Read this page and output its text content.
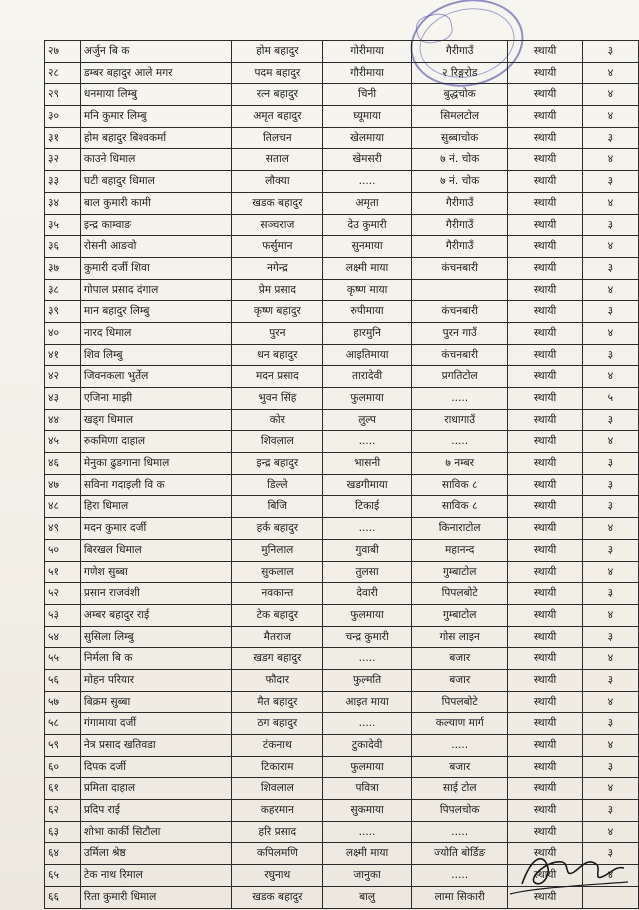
२७	अर्जुन बि क	होम बहादुर	गोरीमाया	गैरीगाउँ	स्थायी	३
२८	डम्बर बहादुर आले मगर	पदम बहादुर	गौरीमाया	२ रिङ्गरोड	स्थायी	४
२९	धनमाया लिम्बु	रत्न बहादुर	चिनी	बुद्धचोक	स्थायी	४
३०	मनि कुमार लिम्बु	अमृत बहादुर	घ्यूमाया	सिमलटोल	स्थायी	४
३१	होम बहादुर बिश्वकर्मा	तिलचन	खेलमाया	सुब्बाचोक	स्थायी	३
३२	काउने धिमाल	सताल	खेमसरी	७ नं. चोक	स्थायी	४
३३	घटी बहादुर धिमाल	लौक्या	.....	७ नं. चोक	स्थायी	३
३४	बाल कुमारी कामी	खडक बहादुर	अमृता	गैरीगाउँ	स्थायी	४
३५	इन्द्र काम्वाङ	सञ्चराज	देउ कुमारी	गैरीगाउँ	स्थायी	३
३६	रोसनी आङवो	फर्सुमान	सुनमाया	गैरीगाउँ	स्थायी	४
३७	कुमारी दर्जी शिवा	नगेन्द्र	लक्ष्मी माया	कंचनबारी	स्थायी	३
३८	गोपाल प्रसाद दंगाल	प्रेम प्रसाद	कृष्ण माया		स्थायी	४
३९	मान बहादुर लिम्बु	कृष्ण बहादुर	रुपीमाया	कंचनबारी	स्थायी	३
४०	नारद धिमाल	पुरन	हारमुनि	पुरन गाउँ	स्थायी	४
४१	शिव लिम्बु	धन बहादुर	आइतिमाया	कंचनबारी	स्थायी	३
४२	जिवनकला भुर्तेल	मदन प्रसाद	तारादेवी	प्रगतिटोल	स्थायी	४
४३	एजिना माझी	भुवन सिंह	फुलमाया	.....	स्थायी	५
४४	खड्ग धिमाल	कोर	लुल्प	राधागाउँ	स्थायी	३
४५	रुकमिणा दाहाल	शिवलाल	.....	.....	स्थायी	४
४६	मेनुका ढुङगाना धिमाल	इन्द्र बहादुर	भासनी	७ नम्बर	स्थायी	३
४७	सविना गदाइली वि क	डिल्ले	खडगीमाया	साविक ८	स्थायी	३
४८	हिरा धिमाल	बिजि	टिकाई	साविक ८	स्थायी	३
४९	मदन कुमार दर्जी	हर्क बहादुर	.....	किनाराटोल	स्थायी	४
५०	बिरखल धिमाल	मुनिलाल	गुवाबी	महानन्द	स्थायी	३
५१	गणेश सुब्बा	सुकलाल	तुलसा	गुम्बाटोल	स्थायी	४
५२	प्रसान राजवंशी	नवकान्त	देवारी	पिपलबोटे	स्थायी	३
५३	अम्बर बहादुर राई	टेक बहादुर	फुलमाया	गुम्बाटोल	स्थायी	४
५४	सुसिला लिम्बु	मैतराज	चन्द्र कुमारी	गोस लाइन	स्थायी	३
५५	निर्मला बि क	खडग बहादुर	.....	बजार	स्थायी	४
५६	मोहन परियार	फौदार	फुल्मति	बजार	स्थायी	३
५७	बिक्रम सुब्बा	मैत बहादुर	आइत माया	पिपलबोटे	स्थायी	४
५८	गंगामाया दर्जी	ठग बहादुर	.....	कल्याण मार्ग	स्थायी	३
५९	नेत्र प्रसाद खतिवडा	टंकनाथ	टुकादेवी	.....	स्थायी	४
६०	दिपक दर्जी	टिकाराम	फुलमाया	बजार	स्थायी	३
६१	प्रमिता दाहाल	शिवलाल	पवित्रा	साई टोल	स्थायी	४
६२	प्रदिप राई	कहरमान	सुकमाया	पिपलचोक	स्थायी	३
६३	शोभा कार्की सिटौला	हरि प्रसाद	.....	.....	स्थायी	४
६४	उर्मिला श्रेष्ठ	कपिलमणि	लक्ष्मी माया	ज्योति बोर्डिङ	स्थायी	३
६५	टेक नाथ रिमाल	रघुनाथ	जानुका	.....	स्थायी	४
६६	रिता कुमारी धिमाल	खडक बहादुर	बालु	लामा सिकारी	स्थायी	
